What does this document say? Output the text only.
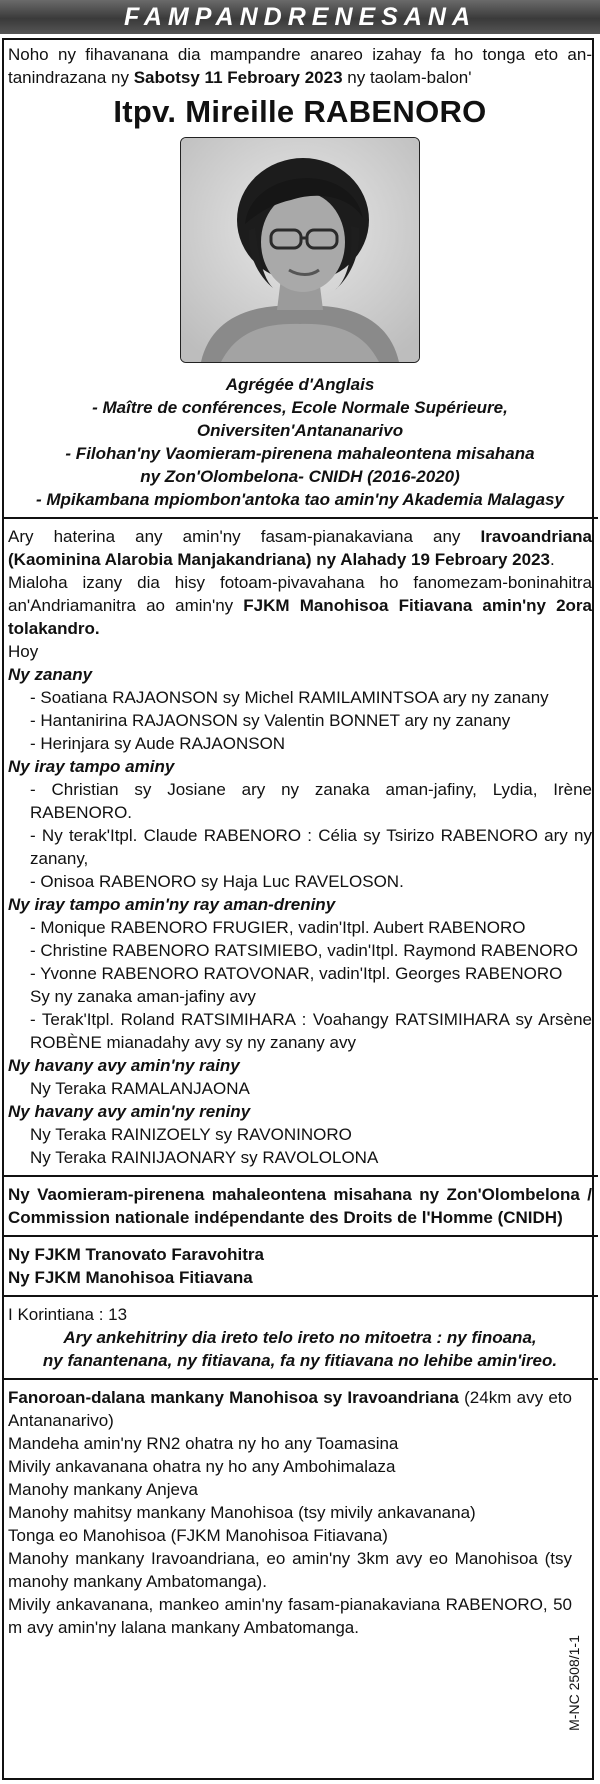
FAMPANDRENESANA

Noho ny fihavanana dia mampandre anareo izahay fa ho tonga eto an-tanindrazana ny Sabotsy 11 Febroary 2023 ny taolam-balon'

Itpv. Mireille RABENORO
Agrégée d'Anglais
- Maître de conférences, Ecole Normale Supérieure,
Oniversiten'Antananarivo
- Filohan'ny Vaomieram-pirenena mahaleontena misahana
ny Zon'Olombelona- CNIDH (2016-2020)
- Mpikambana mpiombon'antoka tao amin'ny Akademia Malagasy
Ary haterina any amin'ny fasam-pianakaviana any Iravoandriana (Kaominina Alarobia Manjakandriana) ny Alahady 19 Febroary 2023.
Mialoha izany dia hisy fotoam-pivavahana ho fanomezam-boninahitra an'Andriamanitra ao amin'ny FJKM Manohisoa Fitiavana amin'ny 2ora tolakandro.
Hoy
Ny zanany
- Soatiana RAJAONSON sy Michel RAMILAMINTSOA ary ny zanany
- Hantanirina RAJAONSON sy Valentin BONNET ary ny zanany
- Herinjara sy Aude RAJAONSON
Ny iray tampo aminy
- Christian sy Josiane ary ny zanaka aman-jafiny, Lydia, Irène RABENORO.
- Ny terak'Itpl. Claude RABENORO : Célia sy Tsirizo RABENORO ary ny zanany,
- Onisoa RABENORO sy Haja Luc RAVELOSON.
Ny iray tampo amin'ny ray aman-dreniny
- Monique RABENORO FRUGIER, vadin'Itpl. Aubert RABENORO
- Christine RABENORO RATSIMIEBO, vadin'Itpl. Raymond RABENORO
- Yvonne RABENORO RATOVONAR, vadin'Itpl. Georges RABENORO
Sy ny zanaka aman-jafiny avy
- Terak'Itpl. Roland RATSIMIHARA : Voahangy RATSIMIHARA sy Arsène ROBÈNE mianadahy avy sy ny zanany avy
Ny havany avy amin'ny rainy
Ny Teraka RAMALANJAONA
Ny havany avy amin'ny reniny
Ny Teraka RAINIZOELY sy RAVONINORO
Ny Teraka RAINIJAONARY sy RAVOLOLONA
Ny Vaomieram-pirenena mahaleontena misahana ny Zon'Olombelona / Commission nationale indépendante des Droits de l'Homme (CNIDH)
Ny FJKM Tranovato Faravohitra
Ny FJKM Manohisoa Fitiavana
I Korintiana : 13
Ary ankehitriny dia ireto telo ireto no mitoetra : ny finoana,
ny fanantenana, ny fitiavana, fa ny fitiavana no lehibe amin'ireo.
Fanoroan-dalana mankany Manohisoa sy Iravoandriana (24km avy eto Antananarivo)
Mandeha amin'ny RN2 ohatra ny ho any Toamasina
Mivily ankavanana ohatra ny ho any Ambohimalaza
Manohy mankany Anjeva
Manohy mahitsy mankany Manohisoa (tsy mivily ankavanana)
Tonga eo Manohisoa (FJKM Manohisoa Fitiavana)
Manohy mankany Iravoandriana, eo amin'ny 3km avy eo Manohisoa (tsy manohy mankany Ambatomanga).
Mivily ankavanana, mankeo amin'ny fasam-pianakaviana RABENORO, 50 m avy amin'ny lalana mankany Ambatomanga.
M-NC 2508/1-1
